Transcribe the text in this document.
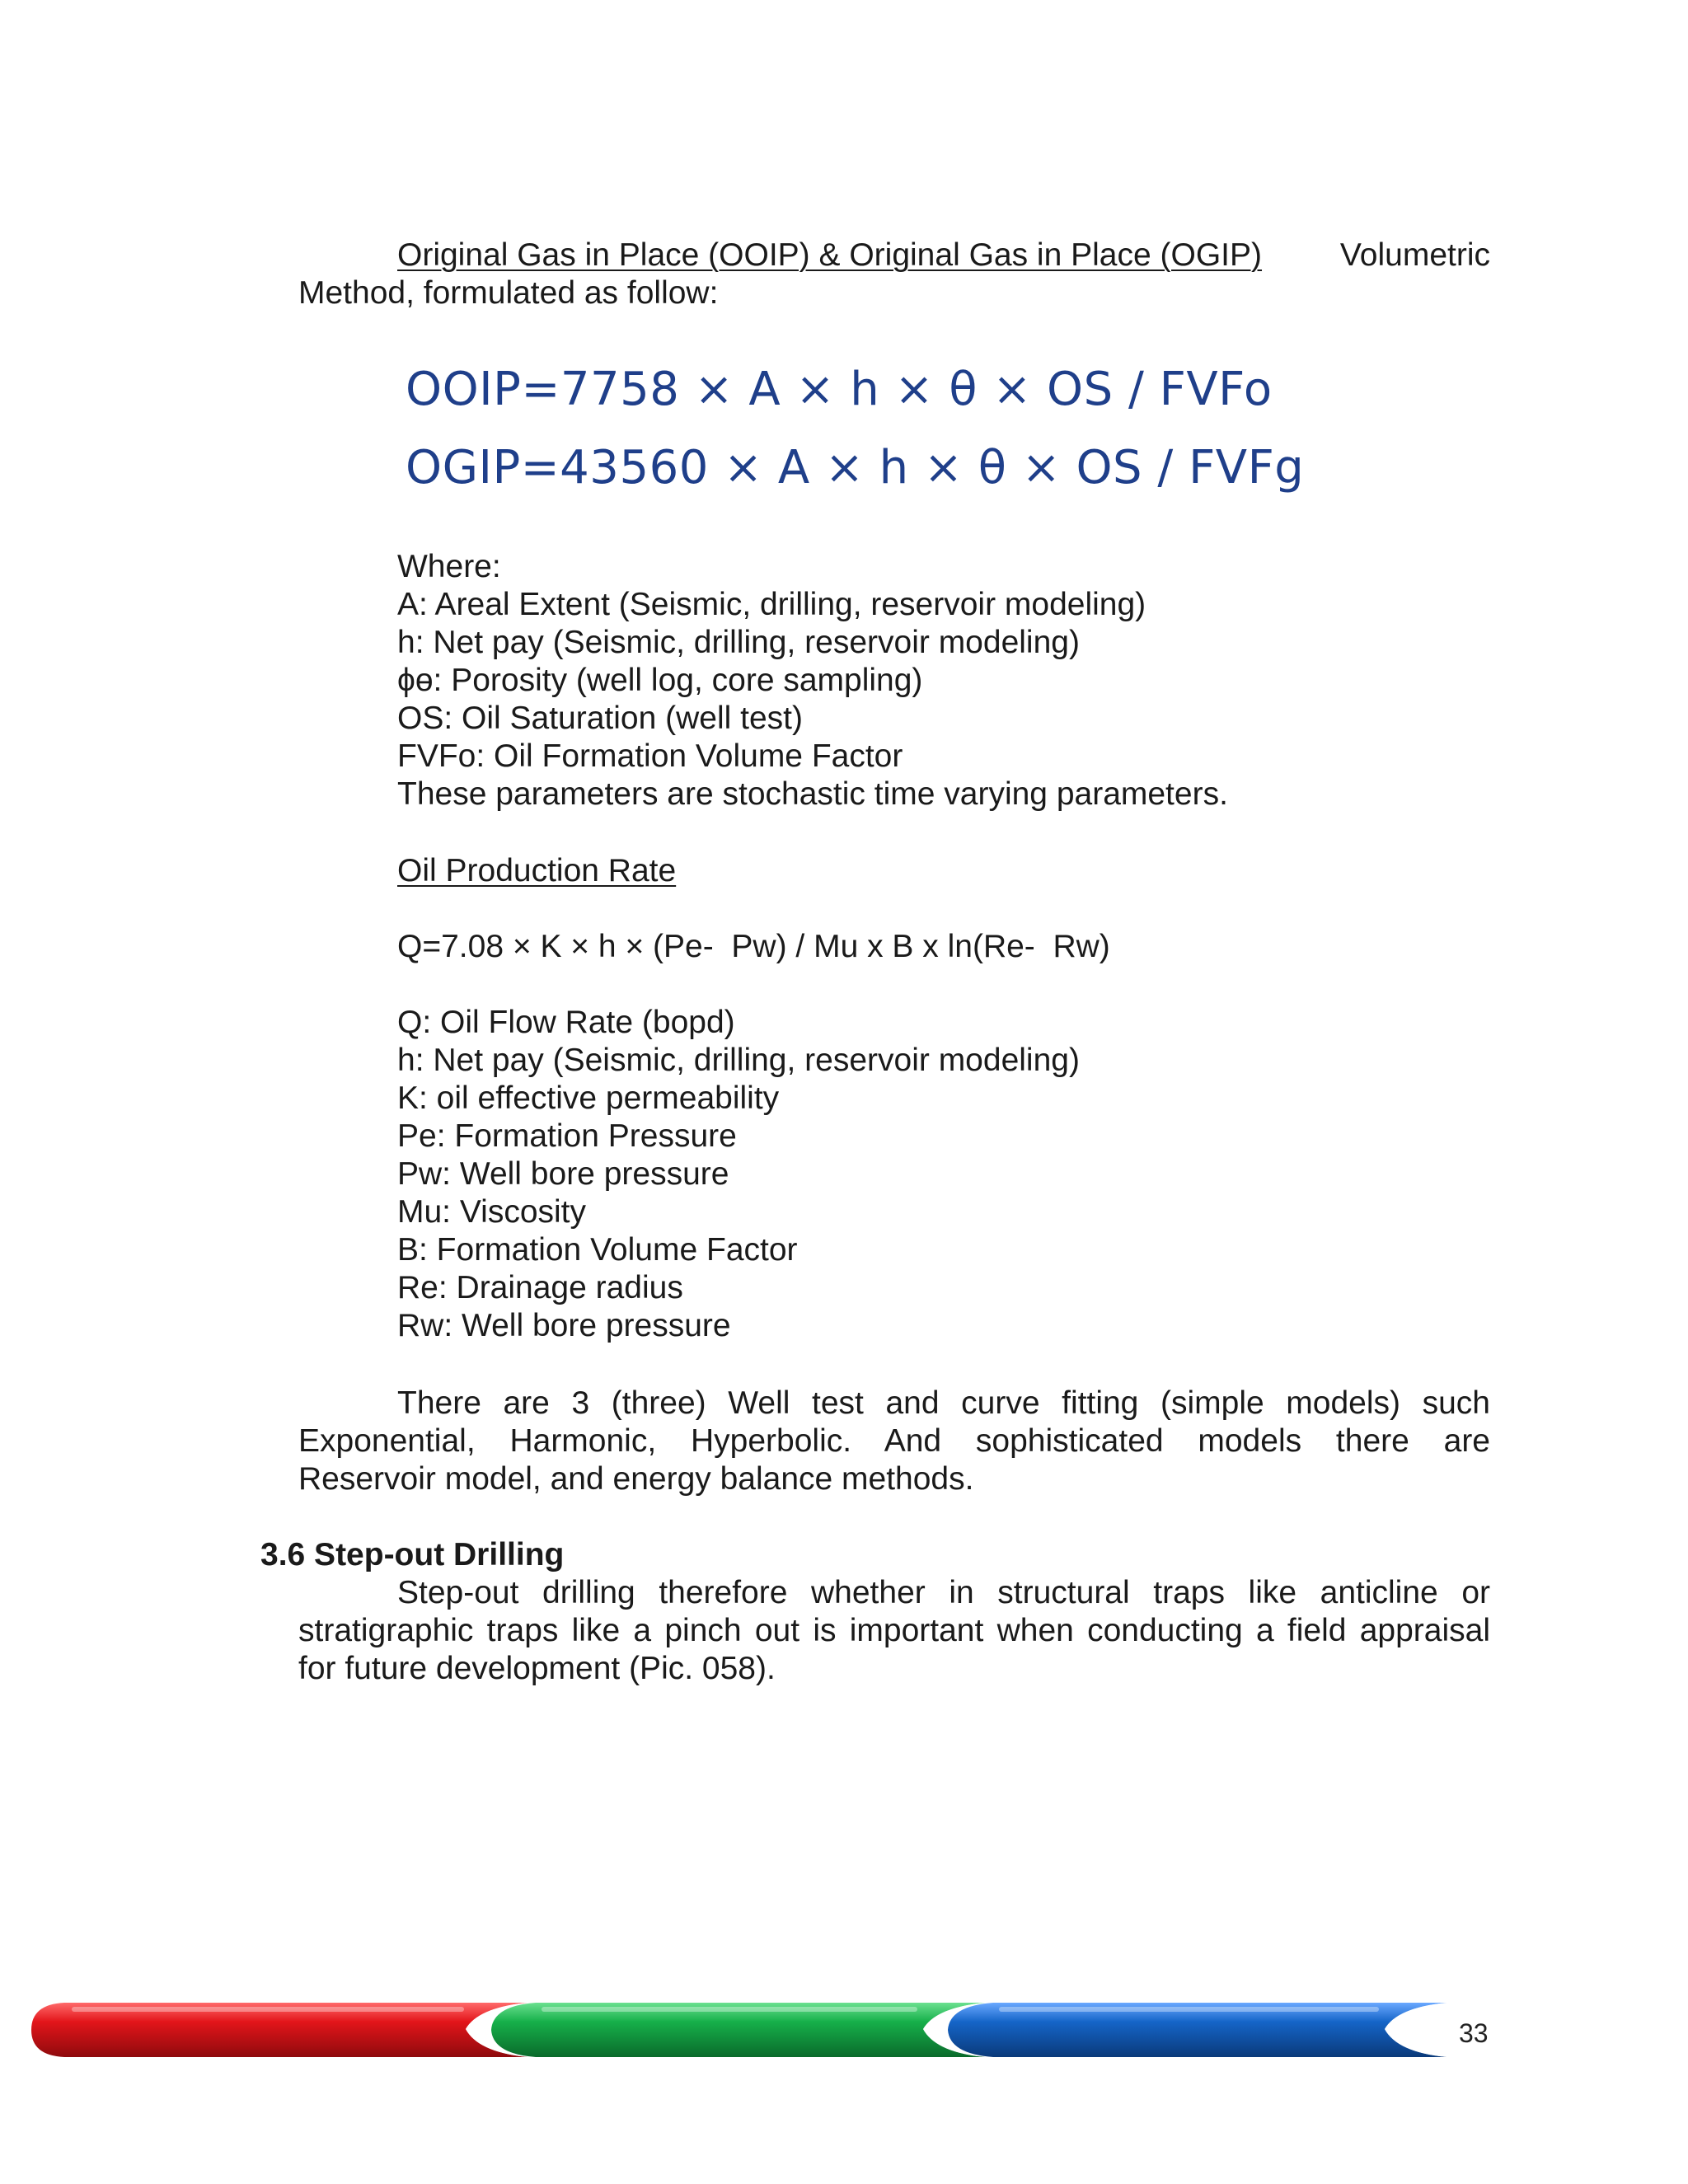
Original Gas in Place (OOIP) & Original Gas in Place (OGIP) Volumetric
Method, formulated as follow:
OOIP=7758 × A × h × θ × OS / FVFo
OGIP=43560 × A × h × θ × OS / FVFg
Where:
A: Areal Extent (Seismic, drilling, reservoir modeling)
h: Net pay (Seismic, drilling, reservoir modeling)
ϕɵ: Porosity (well log, core sampling)
OS: Oil Saturation (well test)
FVFo: Oil Formation Volume Factor
These parameters are stochastic time varying parameters.
Oil Production Rate
Q=7.08 × K × h × (Pe-  Pw) / Mu x B x ln(Re-  Rw)
Q: Oil Flow Rate (bopd)
h: Net pay (Seismic, drilling, reservoir modeling)
K: oil effective permeability
Pe: Formation Pressure
Pw: Well bore pressure
Mu: Viscosity
B: Formation Volume Factor
Re: Drainage radius
Rw: Well bore pressure
There are 3 (three) Well test and curve fitting (simple models) such
Exponential, Harmonic, Hyperbolic. And sophisticated models there are
Reservoir model, and energy balance methods.
3.6 Step-out Drilling
Step-out drilling therefore whether in structural traps like anticline or
stratigraphic traps like a pinch out is important when conducting a field appraisal
for future development (Pic. 058).
33
